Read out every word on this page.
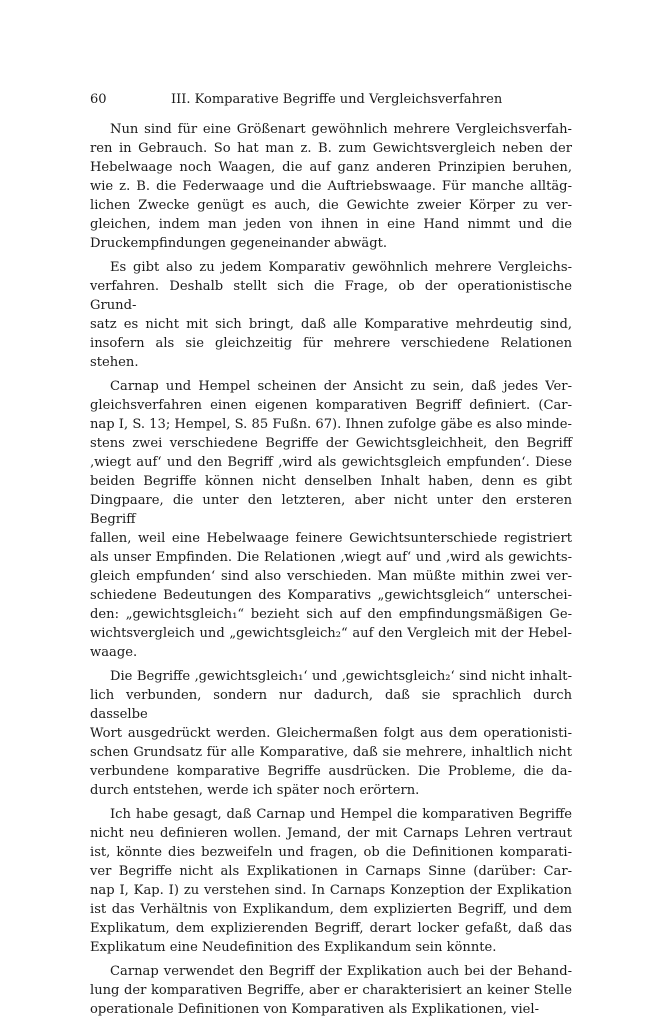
60	III. Komparative Begriffe und Vergleichsverfahren
Nun sind für eine Größenart gewöhnlich mehrere Vergleichsverfah-
ren in Gebrauch. So hat man z. B. zum Gewichtsvergleich neben der
Hebelwaage noch Waagen, die auf ganz anderen Prinzipien beruhen,
wie z. B. die Federwaage und die Auftriebswaage. Für manche alltäg-
lichen Zwecke genügt es auch, die Gewichte zweier Körper zu ver-
gleichen, indem man jeden von ihnen in eine Hand nimmt und die
Druckempfindungen gegeneinander abwägt.
Es gibt also zu jedem Komparativ gewöhnlich mehrere Vergleichs-
verfahren. Deshalb stellt sich die Frage, ob der operationistische Grund-
satz es nicht mit sich bringt, daß alle Komparative mehrdeutig sind,
insofern als sie gleichzeitig für mehrere verschiedene Relationen stehen.
Carnap und Hempel scheinen der Ansicht zu sein, daß jedes Ver-
gleichsverfahren einen eigenen komparativen Begriff definiert. (Car-
nap I, S. 13; Hempel, S. 85 Fußn. 67). Ihnen zufolge gäbe es also minde-
stens zwei verschiedene Begriffe der Gewichtsgleichheit, den Begriff
‚wiegt auf‘ und den Begriff ‚wird als gewichtsgleich empfunden‘. Diese
beiden Begriffe können nicht denselben Inhalt haben, denn es gibt
Dingpaare, die unter den letzteren, aber nicht unter den ersteren Begriff
fallen, weil eine Hebelwaage feinere Gewichtsunterschiede registriert
als unser Empfinden. Die Relationen ‚wiegt auf‘ und ‚wird als gewichts-
gleich empfunden‘ sind also verschieden. Man müßte mithin zwei ver-
schiedene Bedeutungen des Komparativs „gewichtsgleich“ unterschei-
den: „gewichtsgleich₁“ bezieht sich auf den empfindungsmäßigen Ge-
wichtsvergleich und „gewichtsgleich₂“ auf den Vergleich mit der Hebel-
waage.
Die Begriffe ‚gewichtsgleich₁‘ und ‚gewichtsgleich₂‘ sind nicht inhalt-
lich verbunden, sondern nur dadurch, daß sie sprachlich durch dasselbe
Wort ausgedrückt werden. Gleichermaßen folgt aus dem operationisti-
schen Grundsatz für alle Komparative, daß sie mehrere, inhaltlich nicht
verbundene komparative Begriffe ausdrücken. Die Probleme, die da-
durch entstehen, werde ich später noch erörtern.
Ich habe gesagt, daß Carnap und Hempel die komparativen Begriffe
nicht neu definieren wollen. Jemand, der mit Carnaps Lehren vertraut
ist, könnte dies bezweifeln und fragen, ob die Definitionen komparati-
ver Begriffe nicht als Explikationen in Carnaps Sinne (darüber: Car-
nap I, Kap. I) zu verstehen sind. In Carnaps Konzeption der Explikation
ist das Verhältnis von Explikandum, dem explizierten Begriff, und dem
Explikatum, dem explizierenden Begriff, derart locker gefaßt, daß das
Explikatum eine Neudefinition des Explikandum sein könnte.
Carnap verwendet den Begriff der Explikation auch bei der Behand-
lung der komparativen Begriffe, aber er charakterisiert an keiner Stelle
operationale Definitionen von Komparativen als Explikationen, viel-
